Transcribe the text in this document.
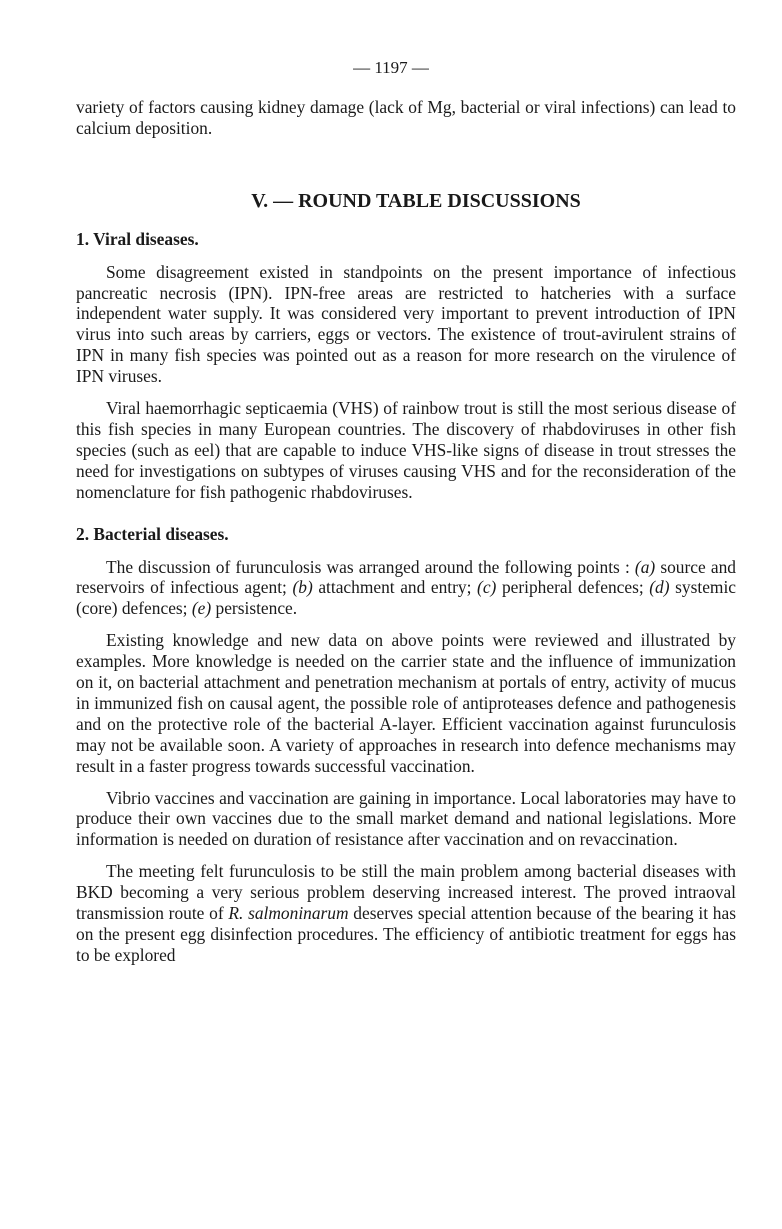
— 1197 —

variety of factors causing kidney damage (lack of Mg, bacterial or viral infections) can lead to calcium deposition.

V. — ROUND TABLE DISCUSSIONS

1. Viral diseases.

Some disagreement existed in standpoints on the present importance of infectious pancreatic necrosis (IPN). IPN-free areas are restricted to hatcheries with a surface independent water supply. It was considered very important to prevent introduction of IPN virus into such areas by carriers, eggs or vectors. The existence of trout-avirulent strains of IPN in many fish species was pointed out as a reason for more research on the virulence of IPN viruses.

Viral haemorrhagic septicaemia (VHS) of rainbow trout is still the most serious disease of this fish species in many European countries. The discovery of rhabdoviruses in other fish species (such as eel) that are capable to induce VHS-like signs of disease in trout stresses the need for investigations on subtypes of viruses causing VHS and for the reconsideration of the nomenclature for fish pathogenic rhabdoviruses.

2. Bacterial diseases.

The discussion of furunculosis was arranged around the following points : (a) source and reservoirs of infectious agent; (b) attachment and entry; (c) peripheral defences; (d) systemic (core) defences; (e) persistence.

Existing knowledge and new data on above points were reviewed and illustrated by examples. More knowledge is needed on the carrier state and the influence of immunization on it, on bacterial attachment and penetration mechanism at portals of entry, activity of mucus in immunized fish on causal agent, the possible role of antiproteases defence and pathogenesis and on the protective role of the bacterial A-layer. Efficient vaccination against furunculosis may not be available soon. A variety of approaches in research into defence mechanisms may result in a faster progress towards successful vaccination.

Vibrio vaccines and vaccination are gaining in importance. Local laboratories may have to produce their own vaccines due to the small market demand and national legislations. More information is needed on duration of resistance after vaccination and on revaccination.

The meeting felt furunculosis to be still the main problem among bacterial diseases with BKD becoming a very serious problem deserving increased interest. The proved intraoval transmission route of R. salmoninarum deserves special attention because of the bearing it has on the present egg disinfection procedures. The efficiency of antibiotic treatment for eggs has to be explored
